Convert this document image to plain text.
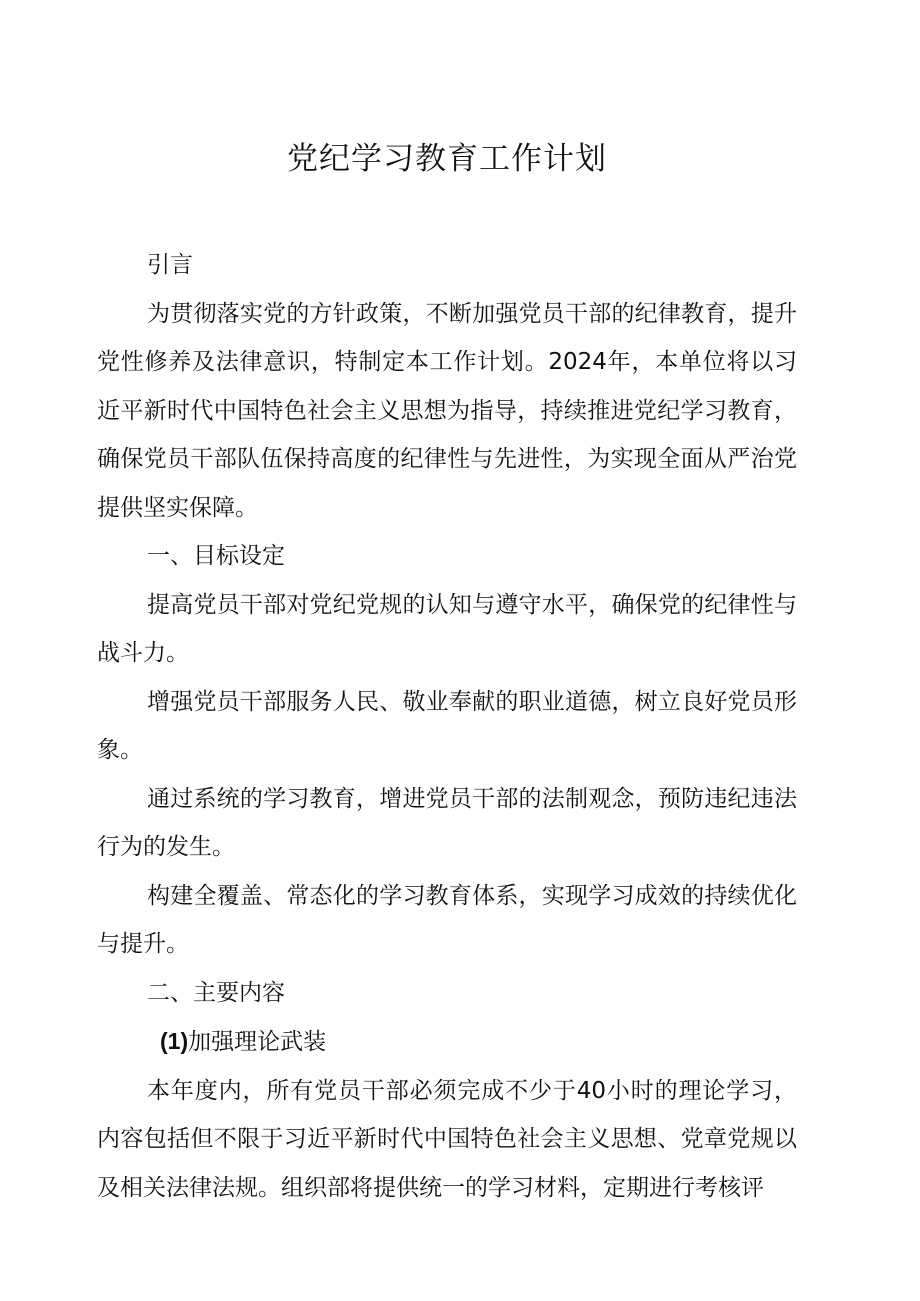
党纪学习教育工作计划

引言

为贯彻落实党的方针政策，不断加强党员干部的纪律教育，提升党性修养及法律意识，特制定本工作计划。2024年，本单位将以习近平新时代中国特色社会主义思想为指导，持续推进党纪学习教育，确保党员干部队伍保持高度的纪律性与先进性，为实现全面从严治党提供坚实保障。

一、目标设定

提高党员干部对党纪党规的认知与遵守水平，确保党的纪律性与战斗力。

增强党员干部服务人民、敬业奉献的职业道德，树立良好党员形象。

通过系统的学习教育，增进党员干部的法制观念，预防违纪违法行为的发生。

构建全覆盖、常态化的学习教育体系，实现学习成效的持续优化与提升。

二、主要内容

(1)加强理论武装

本年度内，所有党员干部必须完成不少于40小时的理论学习，内容包括但不限于习近平新时代中国特色社会主义思想、党章党规以及相关法律法规。组织部将提供统一的学习材料，定期进行考核评
